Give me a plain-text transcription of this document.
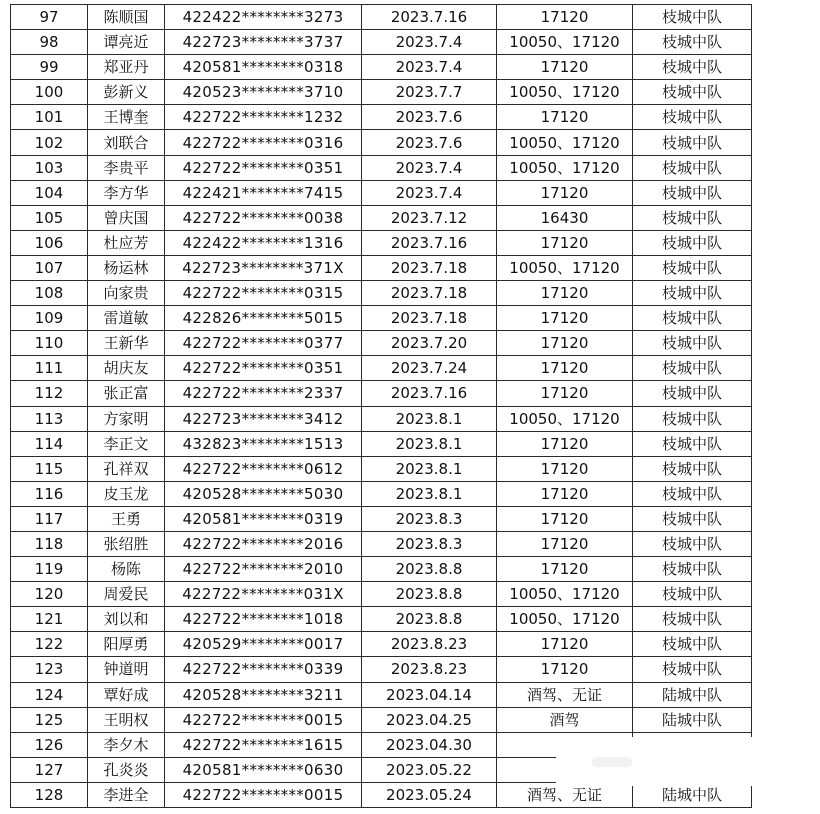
97	陈顺国	422422********3273	2023.7.16	17120	枝城中队
98	谭亮近	422723********3737	2023.7.4	10050、17120	枝城中队
99	郑亚丹	420581********0318	2023.7.4	17120	枝城中队
100	彭新义	420523********3710	2023.7.7	10050、17120	枝城中队
101	王博奎	422722********1232	2023.7.6	17120	枝城中队
102	刘联合	422722********0316	2023.7.6	10050、17120	枝城中队
103	李贵平	422722********0351	2023.7.4	10050、17120	枝城中队
104	李方华	422421********7415	2023.7.4	17120	枝城中队
105	曾庆国	422722********0038	2023.7.12	16430	枝城中队
106	杜应芳	422422********1316	2023.7.16	17120	枝城中队
107	杨运林	422723********371X	2023.7.18	10050、17120	枝城中队
108	向家贵	422722********0315	2023.7.18	17120	枝城中队
109	雷道敏	422826********5015	2023.7.18	17120	枝城中队
110	王新华	422722********0377	2023.7.20	17120	枝城中队
111	胡庆友	422722********0351	2023.7.24	17120	枝城中队
112	张正富	422722********2337	2023.7.16	17120	枝城中队
113	方家明	422723********3412	2023.8.1	10050、17120	枝城中队
114	李正文	432823********1513	2023.8.1	17120	枝城中队
115	孔祥双	422722********0612	2023.8.1	17120	枝城中队
116	皮玉龙	420528********5030	2023.8.1	17120	枝城中队
117	王勇	420581********0319	2023.8.3	17120	枝城中队
118	张绍胜	422722********2016	2023.8.3	17120	枝城中队
119	杨陈	422722********2010	2023.8.8	17120	枝城中队
120	周爱民	422722********031X	2023.8.8	10050、17120	枝城中队
121	刘以和	422722********1018	2023.8.8	10050、17120	枝城中队
122	阳厚勇	420529********0017	2023.8.23	17120	枝城中队
123	钟道明	422722********0339	2023.8.23	17120	枝城中队
124	覃好成	420528********3211	2023.04.14	酒驾、无证	陆城中队
125	王明权	422722********0015	2023.04.25	酒驾	陆城中队
126	李夕木	422722********1615	2023.04.30		
127	孔炎炎	420581********0630	2023.05.22		
128	李进全	422722********0015	2023.05.24	酒驾、无证	陆城中队
